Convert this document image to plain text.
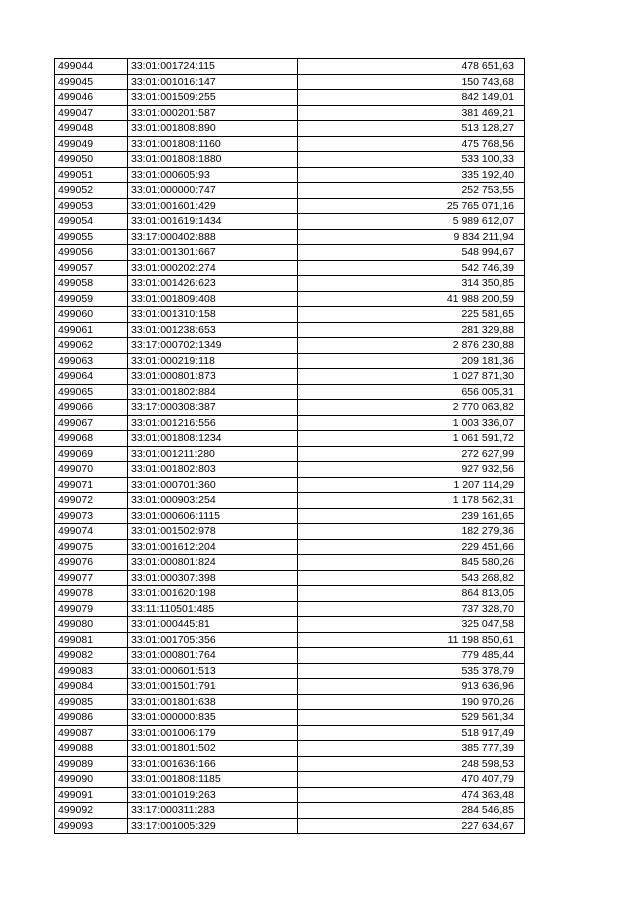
499044	33:01:001724:115	478 651,63
499045	33:01:001016:147	150 743,68
499046	33:01:001509:255	842 149,01
499047	33:01:000201:587	381 469,21
499048	33:01:001808:890	513 128,27
499049	33:01:001808:1160	475 768,56
499050	33:01:001808:1880	533 100,33
499051	33:01:000605:93	335 192,40
499052	33:01:000000:747	252 753,55
499053	33:01:001601:429	25 765 071,16
499054	33:01:001619:1434	5 989 612,07
499055	33:17:000402:888	9 834 211,94
499056	33:01:001301:667	548 994,67
499057	33:01:000202:274	542 746,39
499058	33:01:001426:623	314 350,85
499059	33:01:001809:408	41 988 200,59
499060	33:01:001310:158	225 581,65
499061	33:01:001238:653	281 329,88
499062	33:17:000702:1349	2 876 230,88
499063	33:01:000219:118	209 181,36
499064	33:01:000801:873	1 027 871,30
499065	33:01:001802:884	656 005,31
499066	33:17:000308:387	2 770 063,82
499067	33:01:001216:556	1 003 336,07
499068	33:01:001808:1234	1 061 591,72
499069	33:01:001211:280	272 627,99
499070	33:01:001802:803	927 932,56
499071	33:01:000701:360	1 207 114,29
499072	33:01:000903:254	1 178 562,31
499073	33:01:000606:1115	239 161,65
499074	33:01:001502:978	182 279,36
499075	33:01:001612:204	229 451,66
499076	33:01:000801:824	845 580,26
499077	33:01:000307:398	543 268,82
499078	33:01:001620:198	864 813,05
499079	33:11:110501:485	737 328,70
499080	33:01:000445:81	325 047,58
499081	33:01:001705:356	11 198 850,61
499082	33:01:000801:764	779 485,44
499083	33:01:000601:513	535 378,79
499084	33:01:001501:791	913 636,96
499085	33:01:001801:638	190 970,26
499086	33:01:000000:835	529 561,34
499087	33:01:001006:179	518 917,49
499088	33:01:001801:502	385 777,39
499089	33:01:001636:166	248 598,53
499090	33:01:001808:1185	470 407,79
499091	33:01:001019:263	474 363,48
499092	33:17:000311:283	284 546,85
499093	33:17:001005:329	227 634,67
